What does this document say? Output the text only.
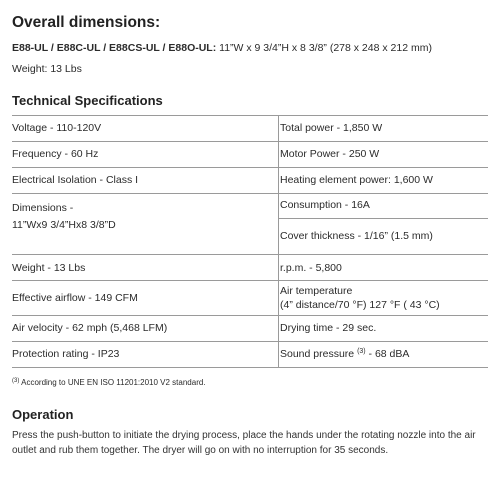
Overall dimensions:
E88-UL / E88C-UL / E88CS-UL / E88O-UL: 11”W x 9 3/4”H x 8 3/8” (278 x 248 x 212 mm)
Weight: 13 Lbs
Technical Specifications
Voltage - 110-120V
Frequency - 60 Hz
Electrical Isolation - Class I
Dimensions -
11”Wx9 3/4”Hx8 3/8”D
Weight - 13 Lbs
Effective airflow - 149 CFM
Air velocity - 62 mph (5,468 LFM)
Protection rating - IP23
Total power - 1,850 W
Motor Power - 250 W
Heating element power: 1,600 W
Consumption - 16A
Cover thickness - 1/16” (1.5 mm)
r.p.m. - 5,800
Air temperature
(4” distance/70 °F) 127 °F ( 43 °C)
Drying time - 29 sec.
Sound pressure $^{(3)}$ - 68 dBA
$^{(3)}$ According to UNE EN ISO 11201:2010 V2 standard.
Operation
Press the push-button to initiate the drying process, place the hands under the rotating nozzle into the air outlet and rub them together. The dryer will go on with no interruption for 35 seconds.
